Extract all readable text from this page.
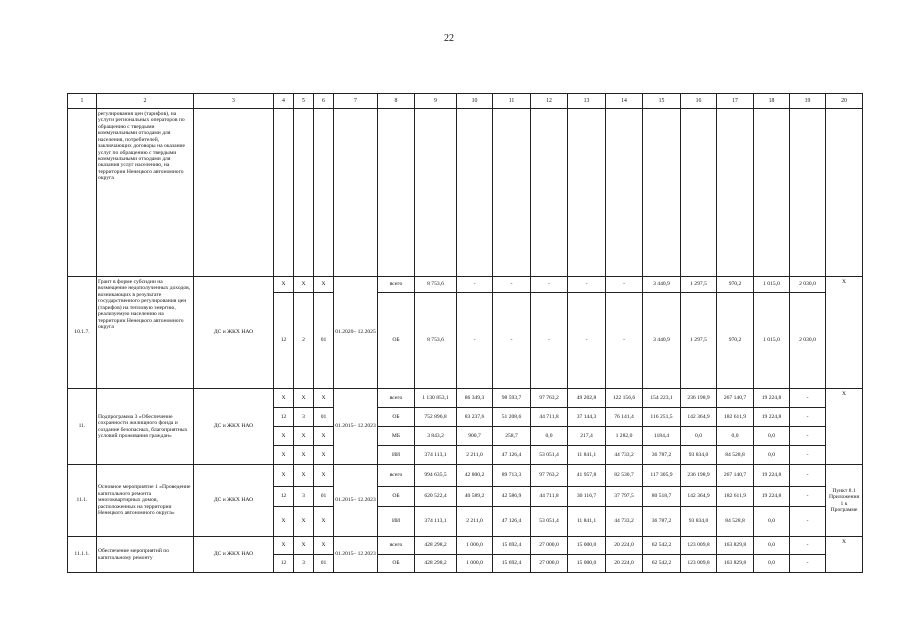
22
1	2	3	4	5	6	7	8	9	10	11	12	13	14	15	16	17	18	19	20
	регулирования цен (тарифов), на услуги региональных операторов по обращению с твердыми коммунальными отходами для населения, потребителей, заключающих договоры на оказание услуг по обращению с твердыми коммунальными отходами для оказания услуг населению, на территории Ненецкого автономного округа																		
10.1.7.	Грант в форме субсидии на возмещение недополученных доходов, возникающих в результате государственного регулирования цен (тарифов) на тепловую энергию, реализуемую населению на территории Ненецкого автономного округа	ДС и ЖКХ НАО	Х	Х	Х	01.2020– 12.2025	всего	8 753,6	-	-	-	-	-	3 440,9	1 297,5	970,2	1 015,0	2 030,0	Х
			12	2	01		ОБ	8 753,6	-	-	-	-	-	3 440,9	1 297,5	970,2	1 015,0	2 030,0	
11.	Подпрограмма 3 «Обеспечение сохранности жилищного фонда и создание безопасных, благоприятных условий проживания граждан»	ДС и ЖКХ НАО	Х	Х	Х	01.2015– 12.2023	всего	1 130 853,1	86 349,3	98 593,7	97 763,2	49 202,8	122 156,6	154 223,1	236 198,9	267 140,7	19 224,8	-	Х
			12	3	01		ОБ	752 896,8	83 237,6	51 208,6	44 711,8	37 144,3	76 141,4	116 251,5	142 364,9	182 611,9	19 224,8	-	
			Х	Х	Х		МБ	3 843,2	900,7	258,7	0,0	217,4	1 282,0	1184,4	0,0	0,0	0,0	-	
			Х	Х	Х		ИИ	374 113,1	2 211,0	47 126,4	53 051,4	11 841,1	44 733,2	36 787,2	93 834,0	84 528,8	0,0	-	
11.1.	Основное мероприятие 1 «Проведение капитального ремонта многоквартирных домов, расположенных на территории Ненецкого автономного округа»	ДС и ЖКХ НАО	Х	Х	Х	01.2015– 12.2023	всего	994 635,5	42 800,2	89 713,3	97 763,2	41 957,8	82 530,7	117 305,9	236 198,9	267 140,7	19 224,8	-	Пункт 8.1 Приложения 1 к Программе
			12	3	01		ОБ	620 522,4	40 589,2	42 586,9	44 711,8	30 116,7	37 797,5	80 518,7	142 364,9	182 611,9	19 224,8	-	
			Х	Х	Х		ИИ	374 113,1	2 211,0	47 126,4	53 051,4	11 841,1	44 733,2	36 787,2	93 834,0	84 528,8	0,0	-	
11.1.1.	Обеспечение мероприятий по капитальному ремонту	ДС и ЖКХ НАО	Х	Х	Х	01.2015– 12.2023	всего	428 298,2	1 000,0	15 692,4	27 000,0	15 000,0	20 224,0	62 542,2	123 009,8	163 829,8	0,0	-	Х
			12	3	01		ОБ	428 298,2	1 000,0	15 692,4	27 000,0	15 000,0	20 224,0	62 542,2	123 009,8	163 829,8	0,0	-	
